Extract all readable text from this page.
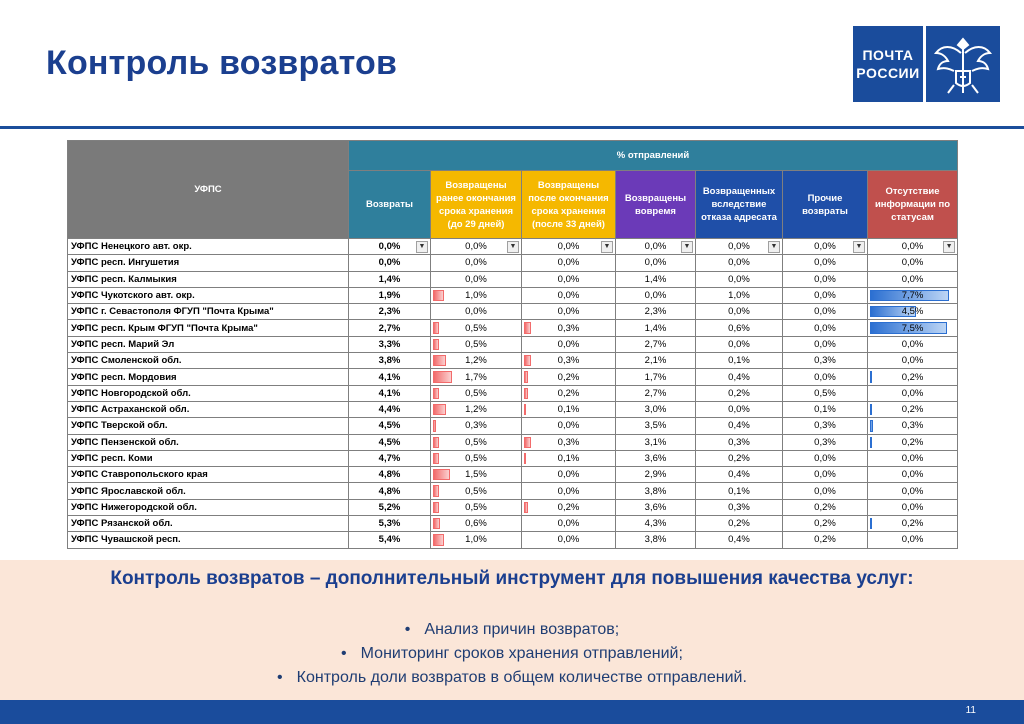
Контроль возвратов	ПОЧТА
РОССИИ
УФПС	% отправлений						
	Возвраты	Возвращены ранее окончания срока хранения (до 29 дней)	Возвращены после окончания срока хранения (после 33 дней)	Возвращены вовремя	Возвращенных вследствие отказа адресата	Прочие возвраты	Отсутствие информации по статусам
УФПС Ненецкого авт. окр.	0,0% ▼	0,0% ▼	0,0% ▼	0,0% ▼	0,0% ▼	0,0% ▼	0,0% ▼

УФПС респ. Ингушетия	0,0%	0,0%	0,0%	0,0%	0,0%	0,0%	0,0%
УФПС респ. Калмыкия	1,4%	0,0%	0,0%	1,4%	0,0%	0,0%	0,0%
УФПС Чукотского авт. окр.	1,9%	1,0%	0,0%	0,0%	1,0%	0,0%	7,7%
УФПС г. Севастополя ФГУП "Почта Крыма"	2,3%	0,0%	0,0%	2,3%	0,0%	0,0%	4,5%
УФПС респ. Крым ФГУП "Почта Крыма"	2,7%	0,5%	0,3%	1,4%	0,6%	0,0%	7,5%
УФПС респ. Марий Эл	3,3%	0,5%	0,0%	2,7%	0,0%	0,0%	0,0%
УФПС Смоленской обл.	3,8%	1,2%	0,3%	2,1%	0,1%	0,3%	0,0%
УФПС респ. Мордовия	4,1%	1,7%	0,2%	1,7%	0,4%	0,0%	0,2%
УФПС Новгородской обл.	4,1%	0,5%	0,2%	2,7%	0,2%	0,5%	0,0%
УФПС Астраханской обл.	4,4%	1,2%	0,1%	3,0%	0,0%	0,1%	0,2%
УФПС Тверской обл.	4,5%	0,3%	0,0%	3,5%	0,4%	0,3%	0,3%
УФПС Пензенской обл.	4,5%	0,5%	0,3%	3,1%	0,3%	0,3%	0,2%
УФПС респ. Коми	4,7%	0,5%	0,1%	3,6%	0,2%	0,0%	0,0%
УФПС Ставропольского края	4,8%	1,5%	0,0%	2,9%	0,4%	0,0%	0,0%
УФПС Ярославской обл.	4,8%	0,5%	0,0%	3,8%	0,1%	0,0%	0,0%
УФПС Нижегородской обл.	5,2%	0,5%	0,2%	3,6%	0,3%	0,2%	0,0%
УФПС Рязанской обл.	5,3%	0,6%	0,0%	4,3%	0,2%	0,2%	0,2%
УФПС Чувашской респ.	5,4%	1,0%	0,0%	3,8%	0,4%	0,2%	0,0%
Контроль возвратов – дополнительный инструмент для повышения качества услуг:
• Анализ причин возвратов;
• Мониторинг сроков хранения отправлений;
• Контроль доли возвратов в общем количестве отправлений.
11
